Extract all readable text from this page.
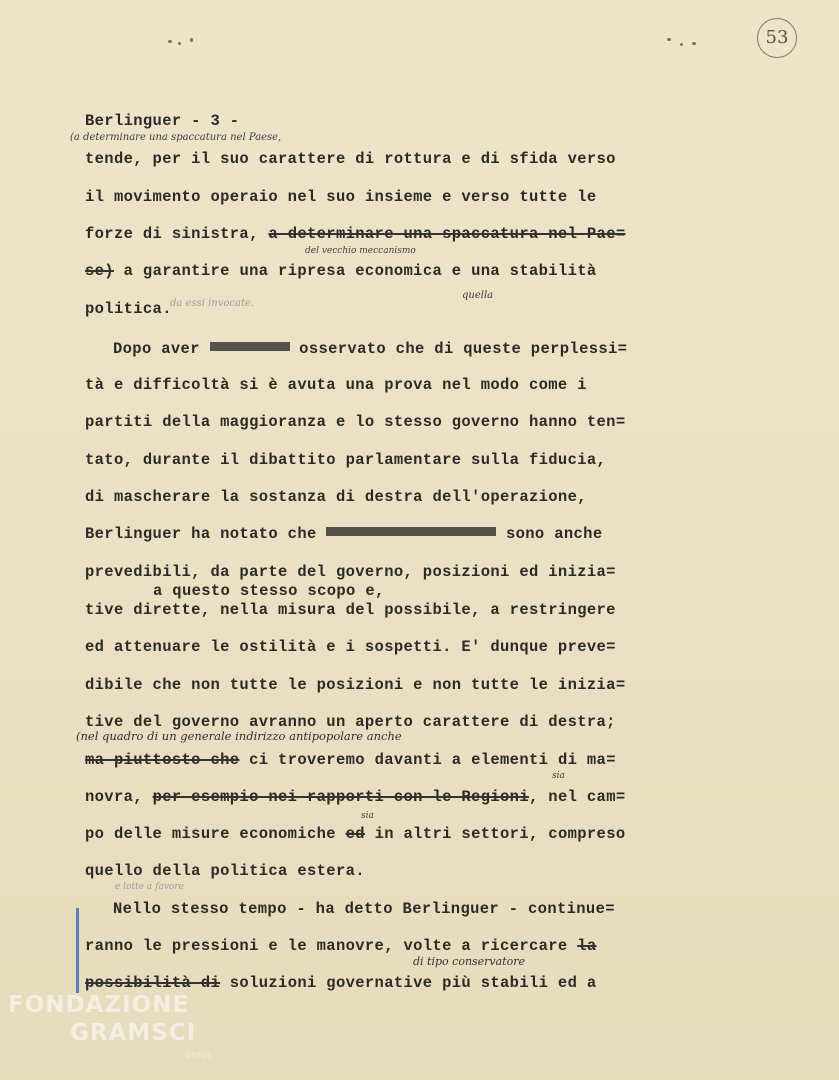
53
Berlinguer - 3 -
(a determinare una spaccatura nel Paese,
tende, per il suo carattere di rottura e di sfida verso
il movimento operaio nel suo insieme e verso tutte le
forze di sinistra, a determinare una spaccatura nel Pae=
del vecchio meccanismo
se) a garantire una ripresa economica e una stabilità
quella
politica.
da essi invocate.
Dopo aver	osservato che di queste perplessi=
tà e difficoltà si è avuta una prova nel modo come i
partiti della maggioranza e lo stesso governo hanno ten=
tato, durante il dibattito parlamentare sulla fiducia,
di mascherare la sostanza di destra dell'operazione,
Berlinguer ha notato che	sono anche
prevedibili, da parte del governo, posizioni ed inizia=
a questo stesso scopo e,
tive dirette, nella misura del possibile, a restringere
ed attenuare le ostilità e i sospetti. E' dunque preve=
dibile che non tutte le posizioni e non tutte le inizia=
tive del governo avranno un aperto carattere di destra;
(nel quadro di un generale indirizzo antipopolare anche
ma piuttosto che ci troveremo davanti a elementi di ma=
sia
novra, per esempio nei rapporti con le Regioni, nel cam=
sia
po delle misure economiche ed in altri settori, compreso
quello della politica estera.
e lotte a favore
Nello stesso tempo - ha detto Berlinguer - continue=
ranno le pressioni e le manovre, volte a ricercare la
di tipo conservatore
possibilità di soluzioni governative più stabili ed a
FONDAZIONE
GRAMSCI
onlus
